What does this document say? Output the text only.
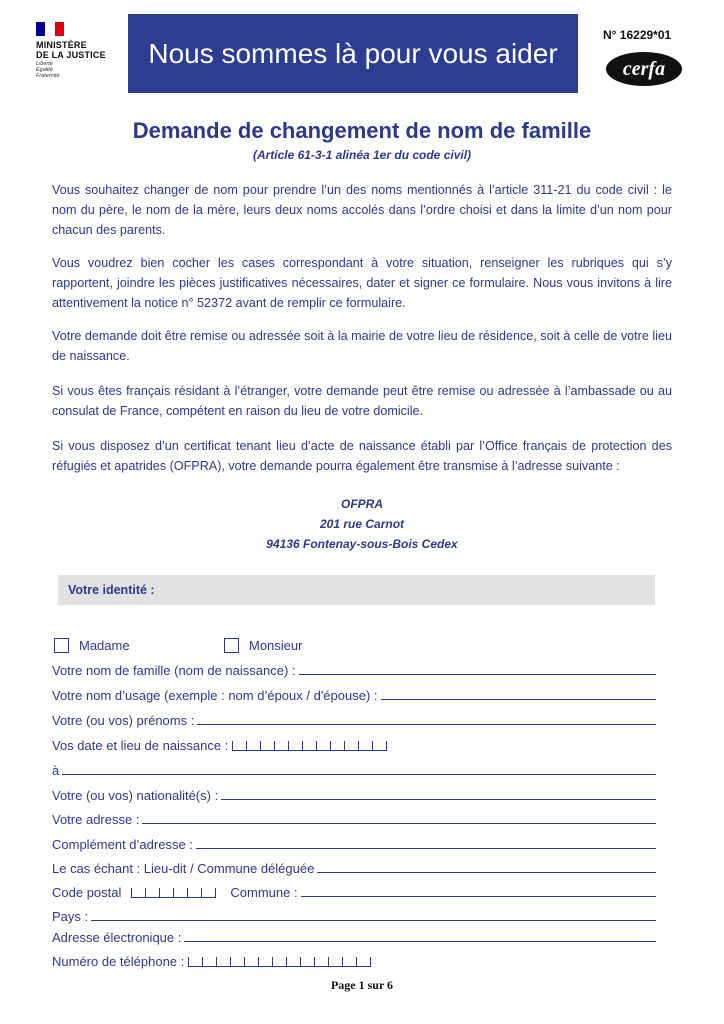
MINISTÈRE
DE LA JUSTICE
Liberté
Égalité
Fraternité
Nous sommes là pour vous aider
N° 16229*01
cerfa
Demande de changement de nom de famille
(Article 61-3-1 alinéa 1er du code civil)
Vous souhaitez changer de nom pour prendre l’un des noms mentionnés à l’article 311-21 du code civil : le nom du père, le nom de la mère, leurs deux noms accolés dans l’ordre choisi et dans la limite d’un nom pour chacun des parents.
Vous voudrez bien cocher les cases correspondant à votre situation, renseigner les rubriques qui s’y rapportent, joindre les pièces justificatives nécessaires, dater et signer ce formulaire. Nous vous invitons à lire attentivement la notice n° 52372 avant de remplir ce formulaire.
Votre demande doit être remise ou adressée soit à la mairie de votre lieu de résidence, soit à celle de votre lieu de naissance.
Si vous êtes français résidant à l’étranger, votre demande peut être remise ou adressée à l’ambassade ou au consulat de France, compétent en raison du lieu de votre domicile.
Si vous disposez d’un certificat tenant lieu d’acte de naissance établi par l’Office français de protection des réfugiés et apatrides (OFPRA), votre demande pourra également être transmise à l’adresse suivante :
OFPRA
201 rue Carnot
94136 Fontenay-sous-Bois Cedex
Votre identité :
Madame	Monsieur
Votre nom de famille (nom de naissance) :
Votre nom d’usage (exemple : nom d’époux / d'épouse) :
Votre (ou vos) prénoms :
Vos date et lieu de naissance :
à
Votre (ou vos) nationalité(s) :
Votre adresse :
Complément d’adresse :
Le cas échant : Lieu-dit / Commune déléguée
Code postal	Commune :
Pays :
Adresse électronique :
Numéro de téléphone :
Page 1 sur 6
